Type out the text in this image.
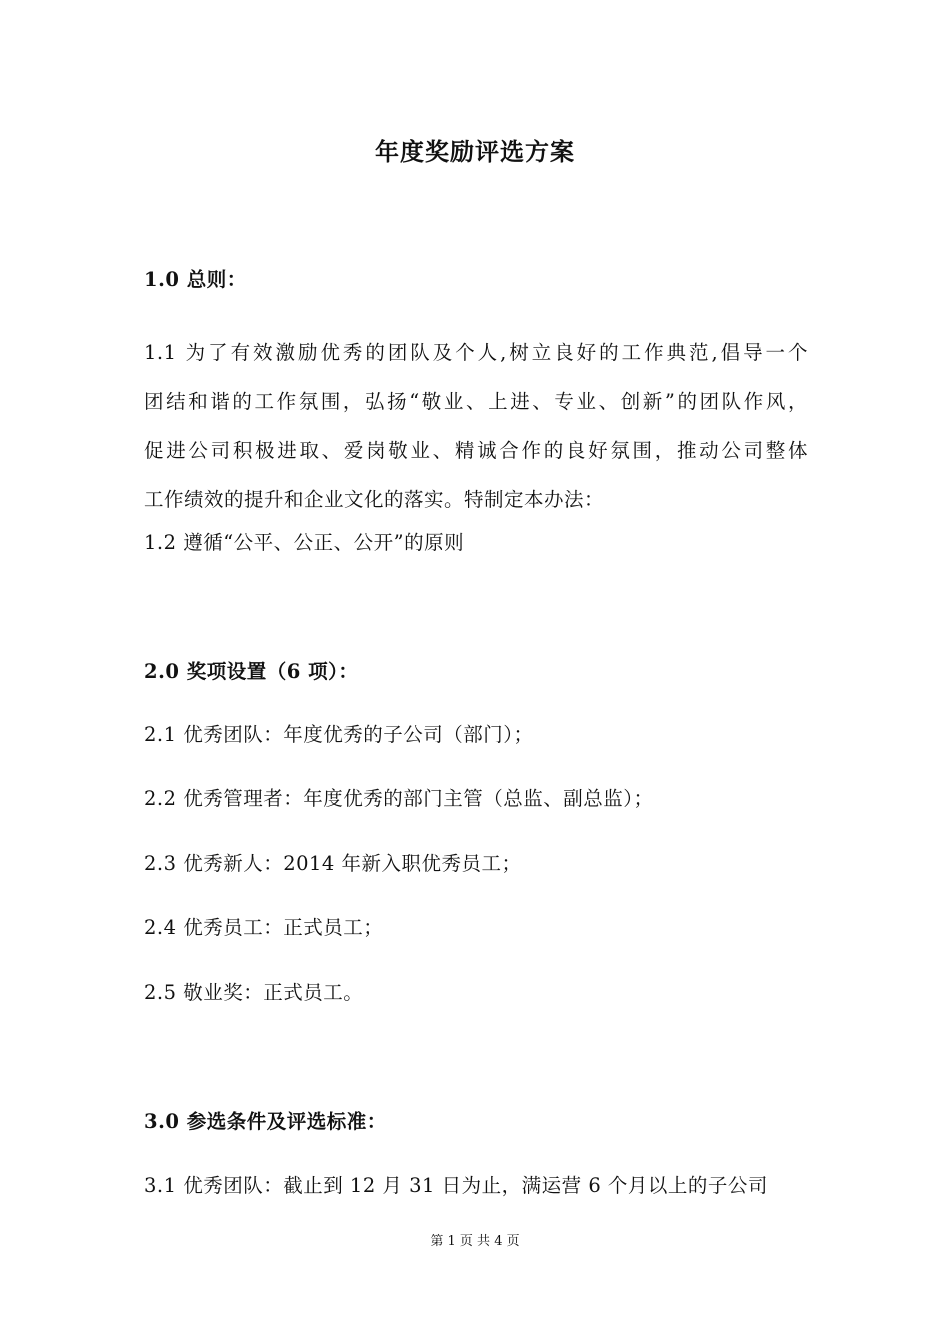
年度奖励评选方案
1.0 总则：
1.1 为了有效激励优秀的团队及个人,树立良好的工作典范,倡导一个
团结和谐的工作氛围，弘扬“敬业、上进、专业、创新”的团队作风，
促进公司积极进取、爱岗敬业、精诚合作的良好氛围，推动公司整体
工作绩效的提升和企业文化的落实。特制定本办法：
1.2 遵循“公平、公正、公开”的原则
2.0 奖项设置（6 项）：
2.1 优秀团队：年度优秀的子公司（部门）；
2.2 优秀管理者：年度优秀的部门主管（总监、副总监）；
2.3 优秀新人：2014 年新入职优秀员工；
2.4 优秀员工：正式员工；
2.5 敬业奖：正式员工。
3.0 参选条件及评选标准：
3.1 优秀团队：截止到 12 月 31 日为止，满运营 6 个月以上的子公司
第 1 页 共 4 页
